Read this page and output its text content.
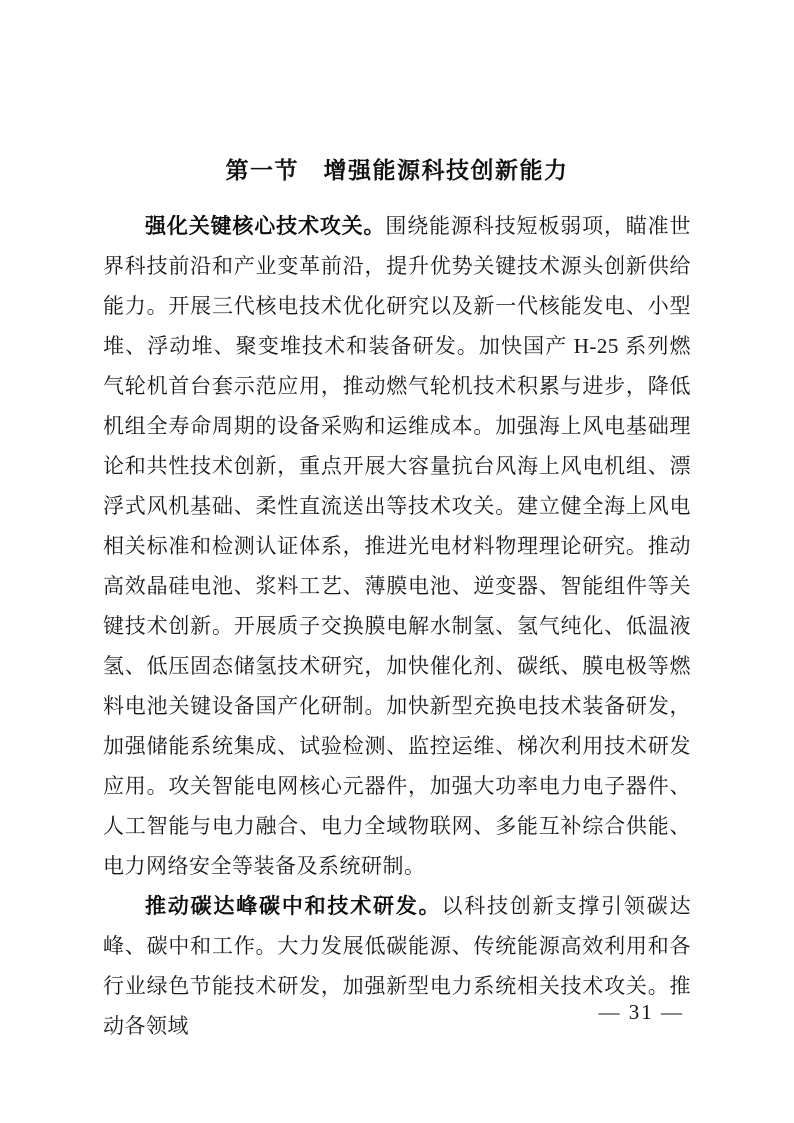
第一节　增强能源科技创新能力

强化关键核心技术攻关。围绕能源科技短板弱项，瞄准世界科技前沿和产业变革前沿，提升优势关键技术源头创新供给能力。开展三代核电技术优化研究以及新一代核能发电、小型堆、浮动堆、聚变堆技术和装备研发。加快国产 H-25 系列燃气轮机首台套示范应用，推动燃气轮机技术积累与进步，降低机组全寿命周期的设备采购和运维成本。加强海上风电基础理论和共性技术创新，重点开展大容量抗台风海上风电机组、漂浮式风机基础、柔性直流送出等技术攻关。建立健全海上风电相关标准和检测认证体系，推进光电材料物理理论研究。推动高效晶硅电池、浆料工艺、薄膜电池、逆变器、智能组件等关键技术创新。开展质子交换膜电解水制氢、氢气纯化、低温液氢、低压固态储氢技术研究，加快催化剂、碳纸、膜电极等燃料电池关键设备国产化研制。加快新型充换电技术装备研发，加强储能系统集成、试验检测、监控运维、梯次利用技术研发应用。攻关智能电网核心元器件，加强大功率电力电子器件、人工智能与电力融合、电力全域物联网、多能互补综合供能、电力网络安全等装备及系统研制。

推动碳达峰碳中和技术研发。以科技创新支撑引领碳达峰、碳中和工作。大力发展低碳能源、传统能源高效利用和各行业绿色节能技术研发，加强新型电力系统相关技术攻关。推动各领域

— 31 —
